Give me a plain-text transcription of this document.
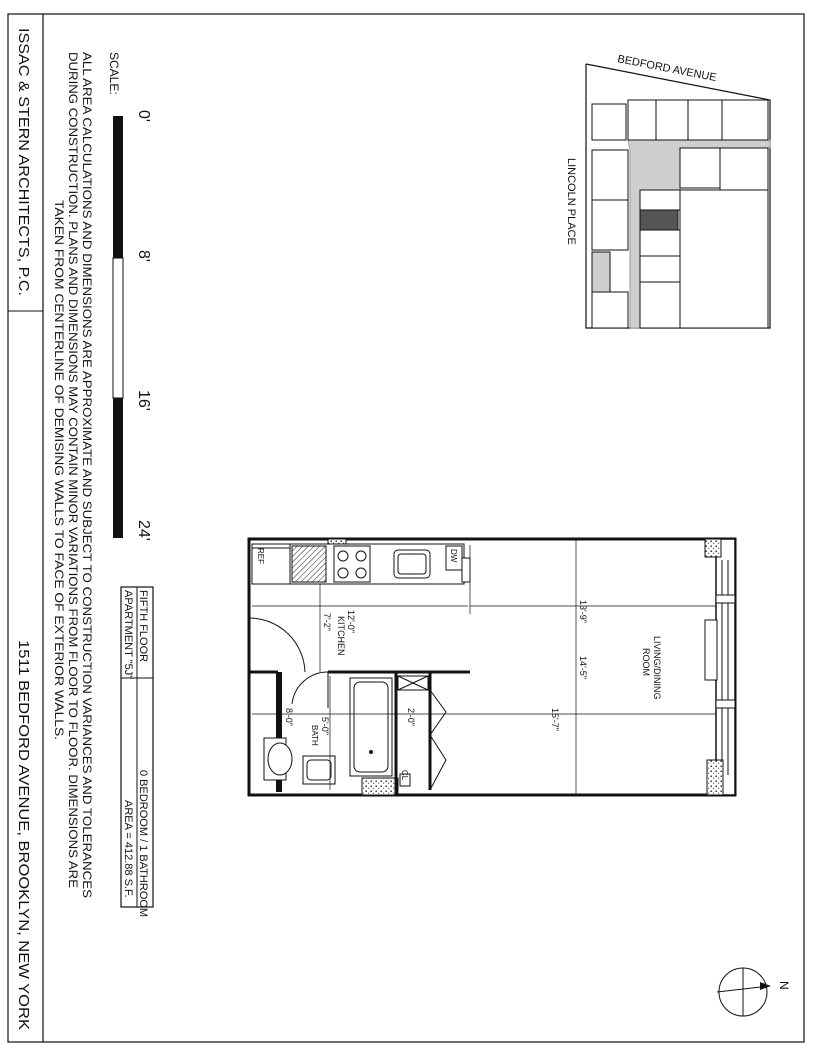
ISSAC & STERN ARCHITECTS, P.C.
1511 BEDFORD AVENUE, BROOKLYN, NEW YORK
ALL AREA CALCULATIONS AND DIMENSIONS ARE APPROXIMATE AND SUBJECT TO CONSTRUCTION VARIANCES AND TOLERANCES
DURING CONSTRUCTION. PLANS AND DIMENSIONS MAY CONTAIN MINOR VARIATIONS FROM FLOOR TO FLOOR. DIMENSIONS ARE
TAKEN FROM CENTERLINE OF DEMISING WALLS TO FACE OF EXTERIOR WALLS.
SCALE:
0'
8'
16'
24'
FIFTH FLOOR
APARTMENT "5J"
0 BEDROOM / 1 BATHROOM
AREA = 412.88 S.F.
BEDFORD AVENUE
LINCOLN PLACE
REF	DW
12'-0"
7'-2"	13'-9"
14'-5"
15'-7"
8'-0"
5'-0"
2'-0"
LIVING/DINING
ROOM
KITCHEN
BATH
CL
N
